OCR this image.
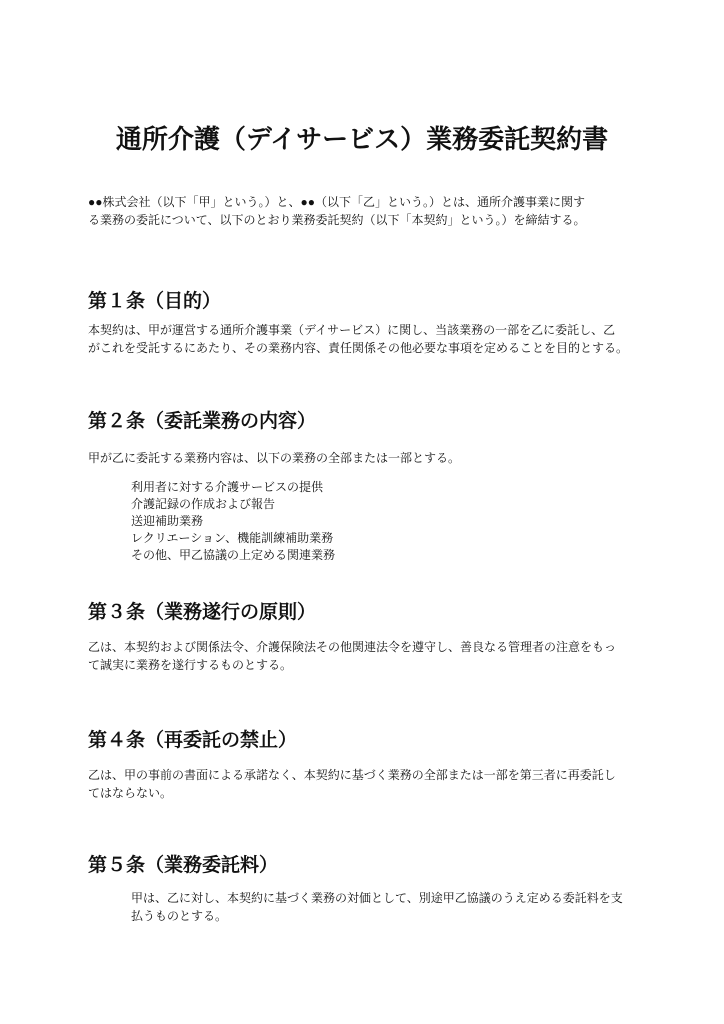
通所介護（デイサービス）業務委託契約書
●●株式会社（以下「甲」という。）と、●●（以下「乙」という。）とは、通所介護事業に関す
る業務の委託について、以下のとおり業務委託契約（以下「本契約」という。）を締結する。
第１条（目的）
本契約は、甲が運営する通所介護事業（デイサービス）に関し、当該業務の一部を乙に委託し、乙
がこれを受託するにあたり、その業務内容、責任関係その他必要な事項を定めることを目的とする。
第２条（委託業務の内容）
甲が乙に委託する業務内容は、以下の業務の全部または一部とする。
利用者に対する介護サービスの提供
介護記録の作成および報告
送迎補助業務
レクリエーション、機能訓練補助業務
その他、甲乙協議の上定める関連業務
第３条（業務遂行の原則）
乙は、本契約および関係法令、介護保険法その他関連法令を遵守し、善良なる管理者の注意をもっ
て誠実に業務を遂行するものとする。
第４条（再委託の禁止）
乙は、甲の事前の書面による承諾なく、本契約に基づく業務の全部または一部を第三者に再委託し
てはならない。
第５条（業務委託料）
甲は、乙に対し、本契約に基づく業務の対価として、別途甲乙協議のうえ定める委託料を支
払うものとする。
